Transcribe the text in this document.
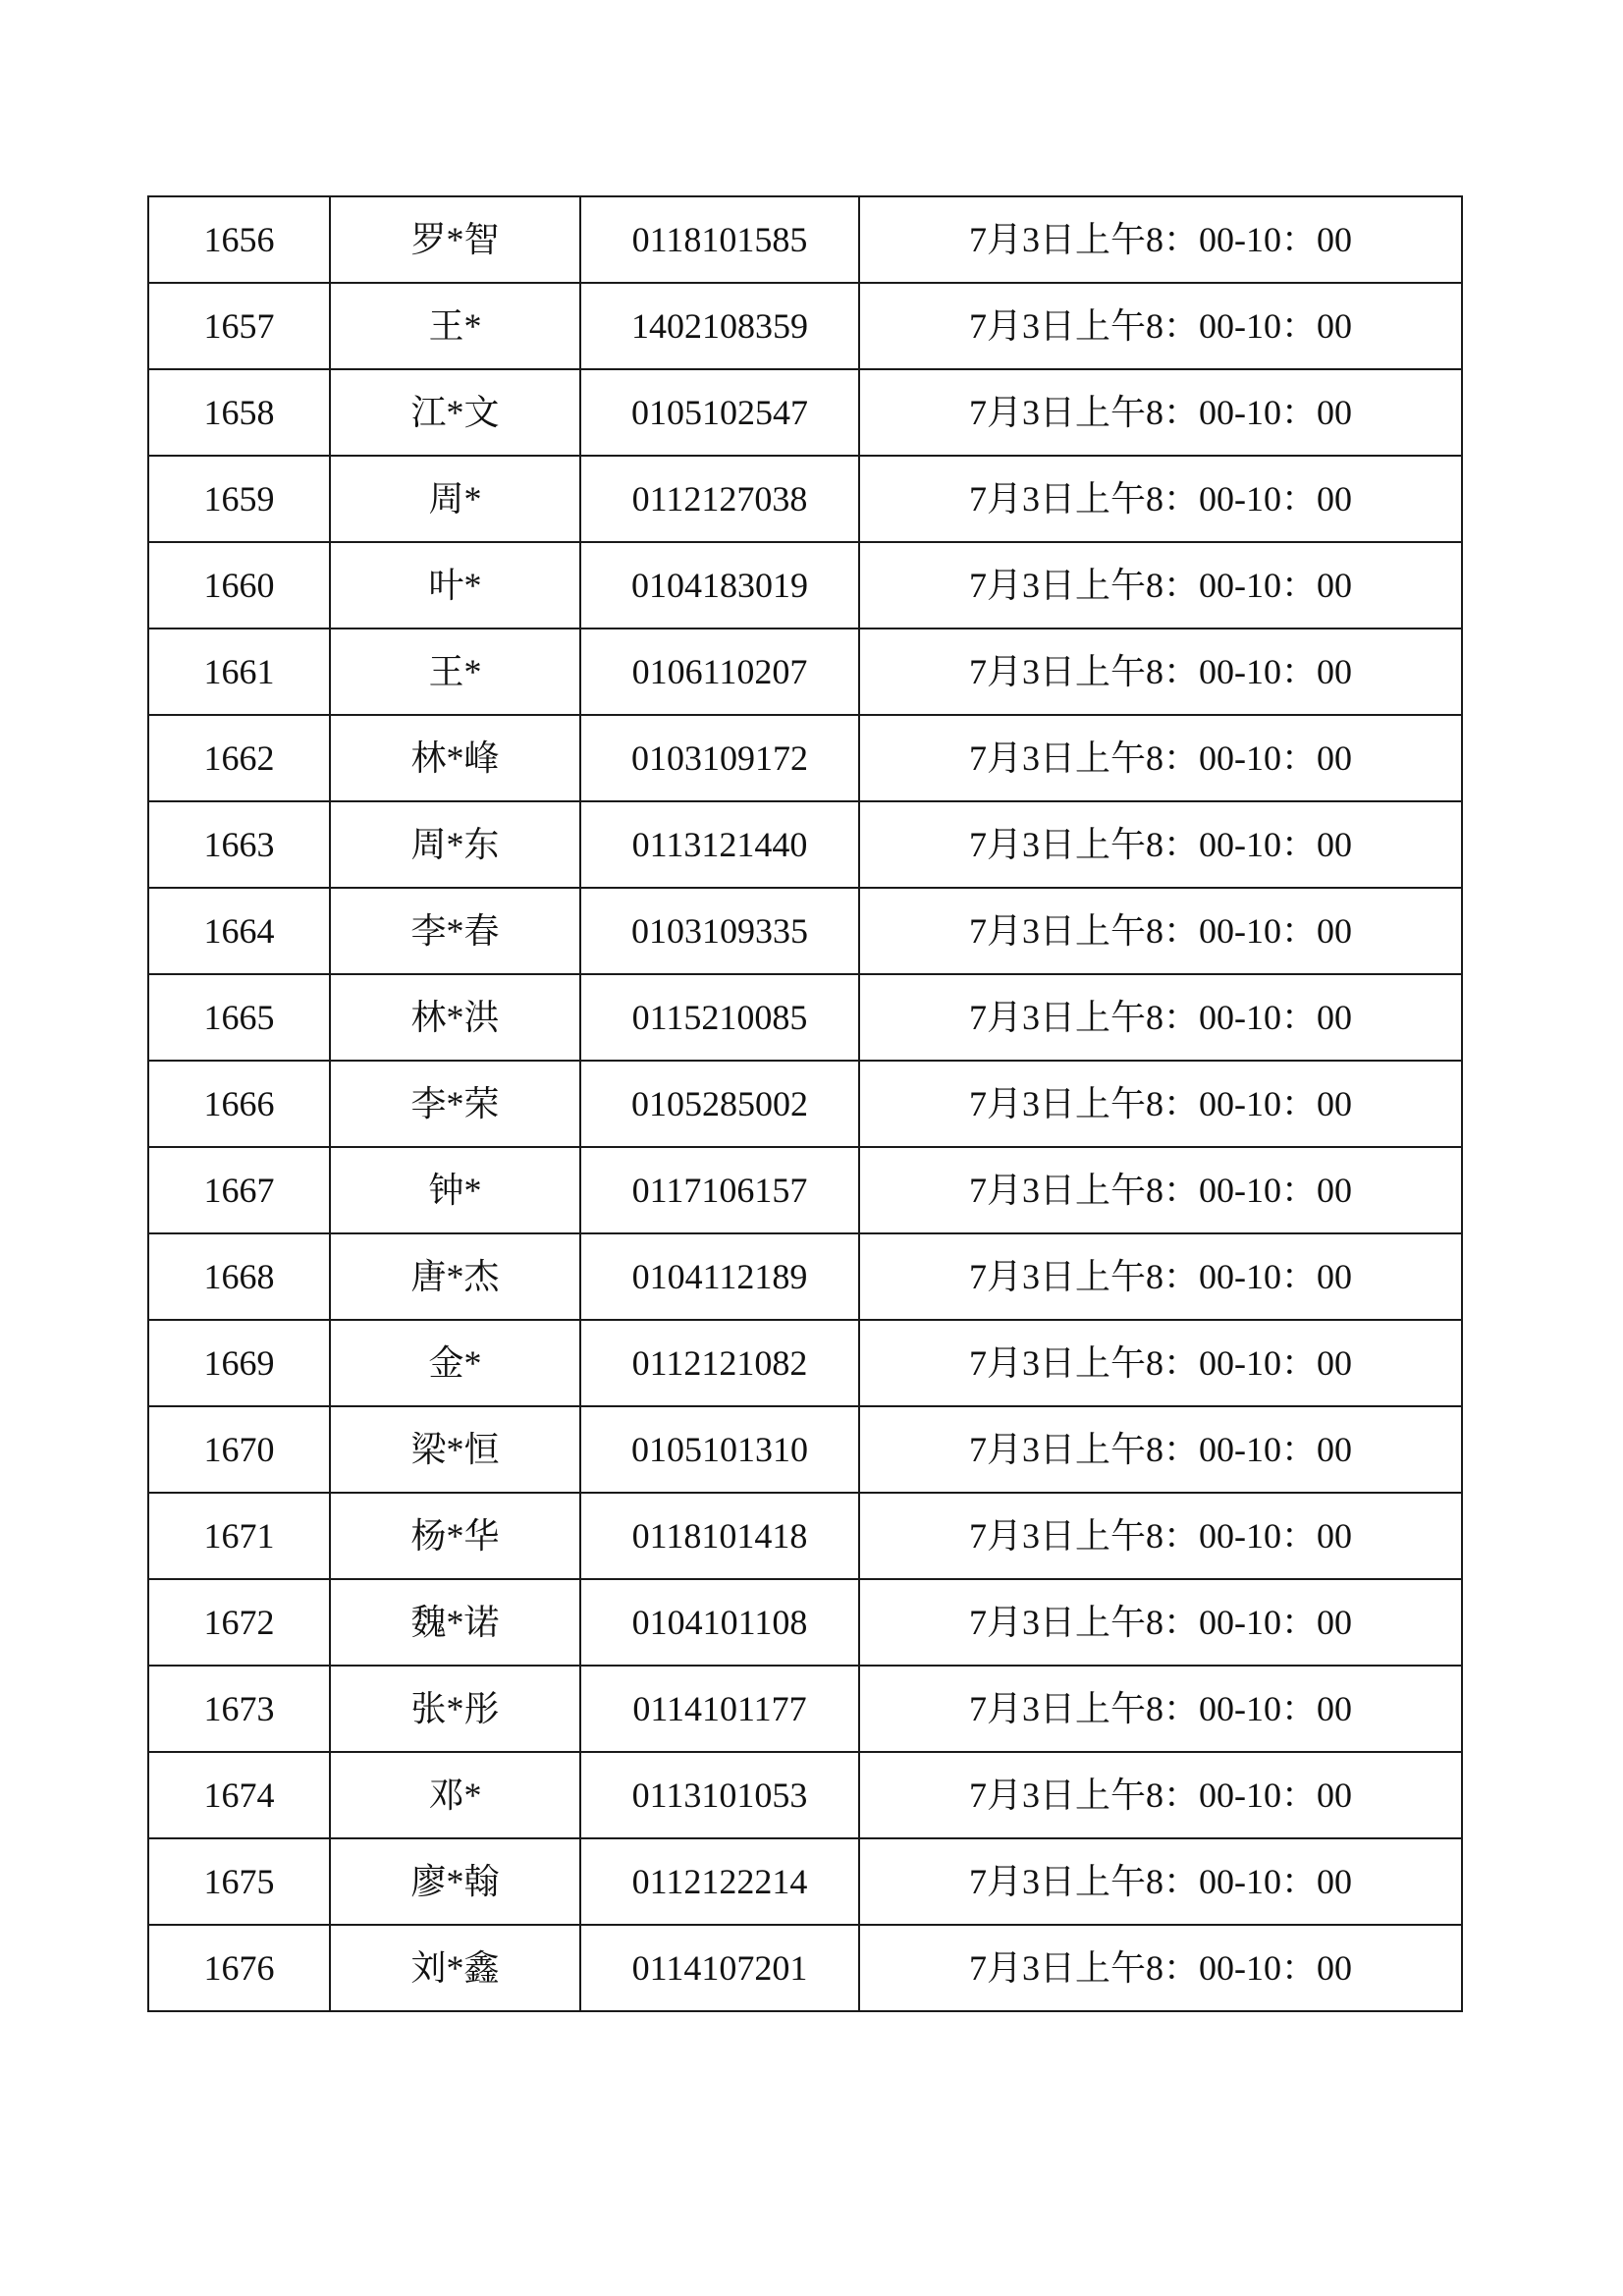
1656	罗*智	0118101585	7月3日上午8：00-10：00
1657	王*	1402108359	7月3日上午8：00-10：00
1658	江*文	0105102547	7月3日上午8：00-10：00
1659	周*	0112127038	7月3日上午8：00-10：00
1660	叶*	0104183019	7月3日上午8：00-10：00
1661	王*	0106110207	7月3日上午8：00-10：00
1662	林*峰	0103109172	7月3日上午8：00-10：00
1663	周*东	0113121440	7月3日上午8：00-10：00
1664	李*春	0103109335	7月3日上午8：00-10：00
1665	林*洪	0115210085	7月3日上午8：00-10：00
1666	李*荣	0105285002	7月3日上午8：00-10：00
1667	钟*	0117106157	7月3日上午8：00-10：00
1668	唐*杰	0104112189	7月3日上午8：00-10：00
1669	金*	0112121082	7月3日上午8：00-10：00
1670	梁*恒	0105101310	7月3日上午8：00-10：00
1671	杨*华	0118101418	7月3日上午8：00-10：00
1672	魏*诺	0104101108	7月3日上午8：00-10：00
1673	张*彤	0114101177	7月3日上午8：00-10：00
1674	邓*	0113101053	7月3日上午8：00-10：00
1675	廖*翰	0112122214	7月3日上午8：00-10：00
1676	刘*鑫	0114107201	7月3日上午8：00-10：00
